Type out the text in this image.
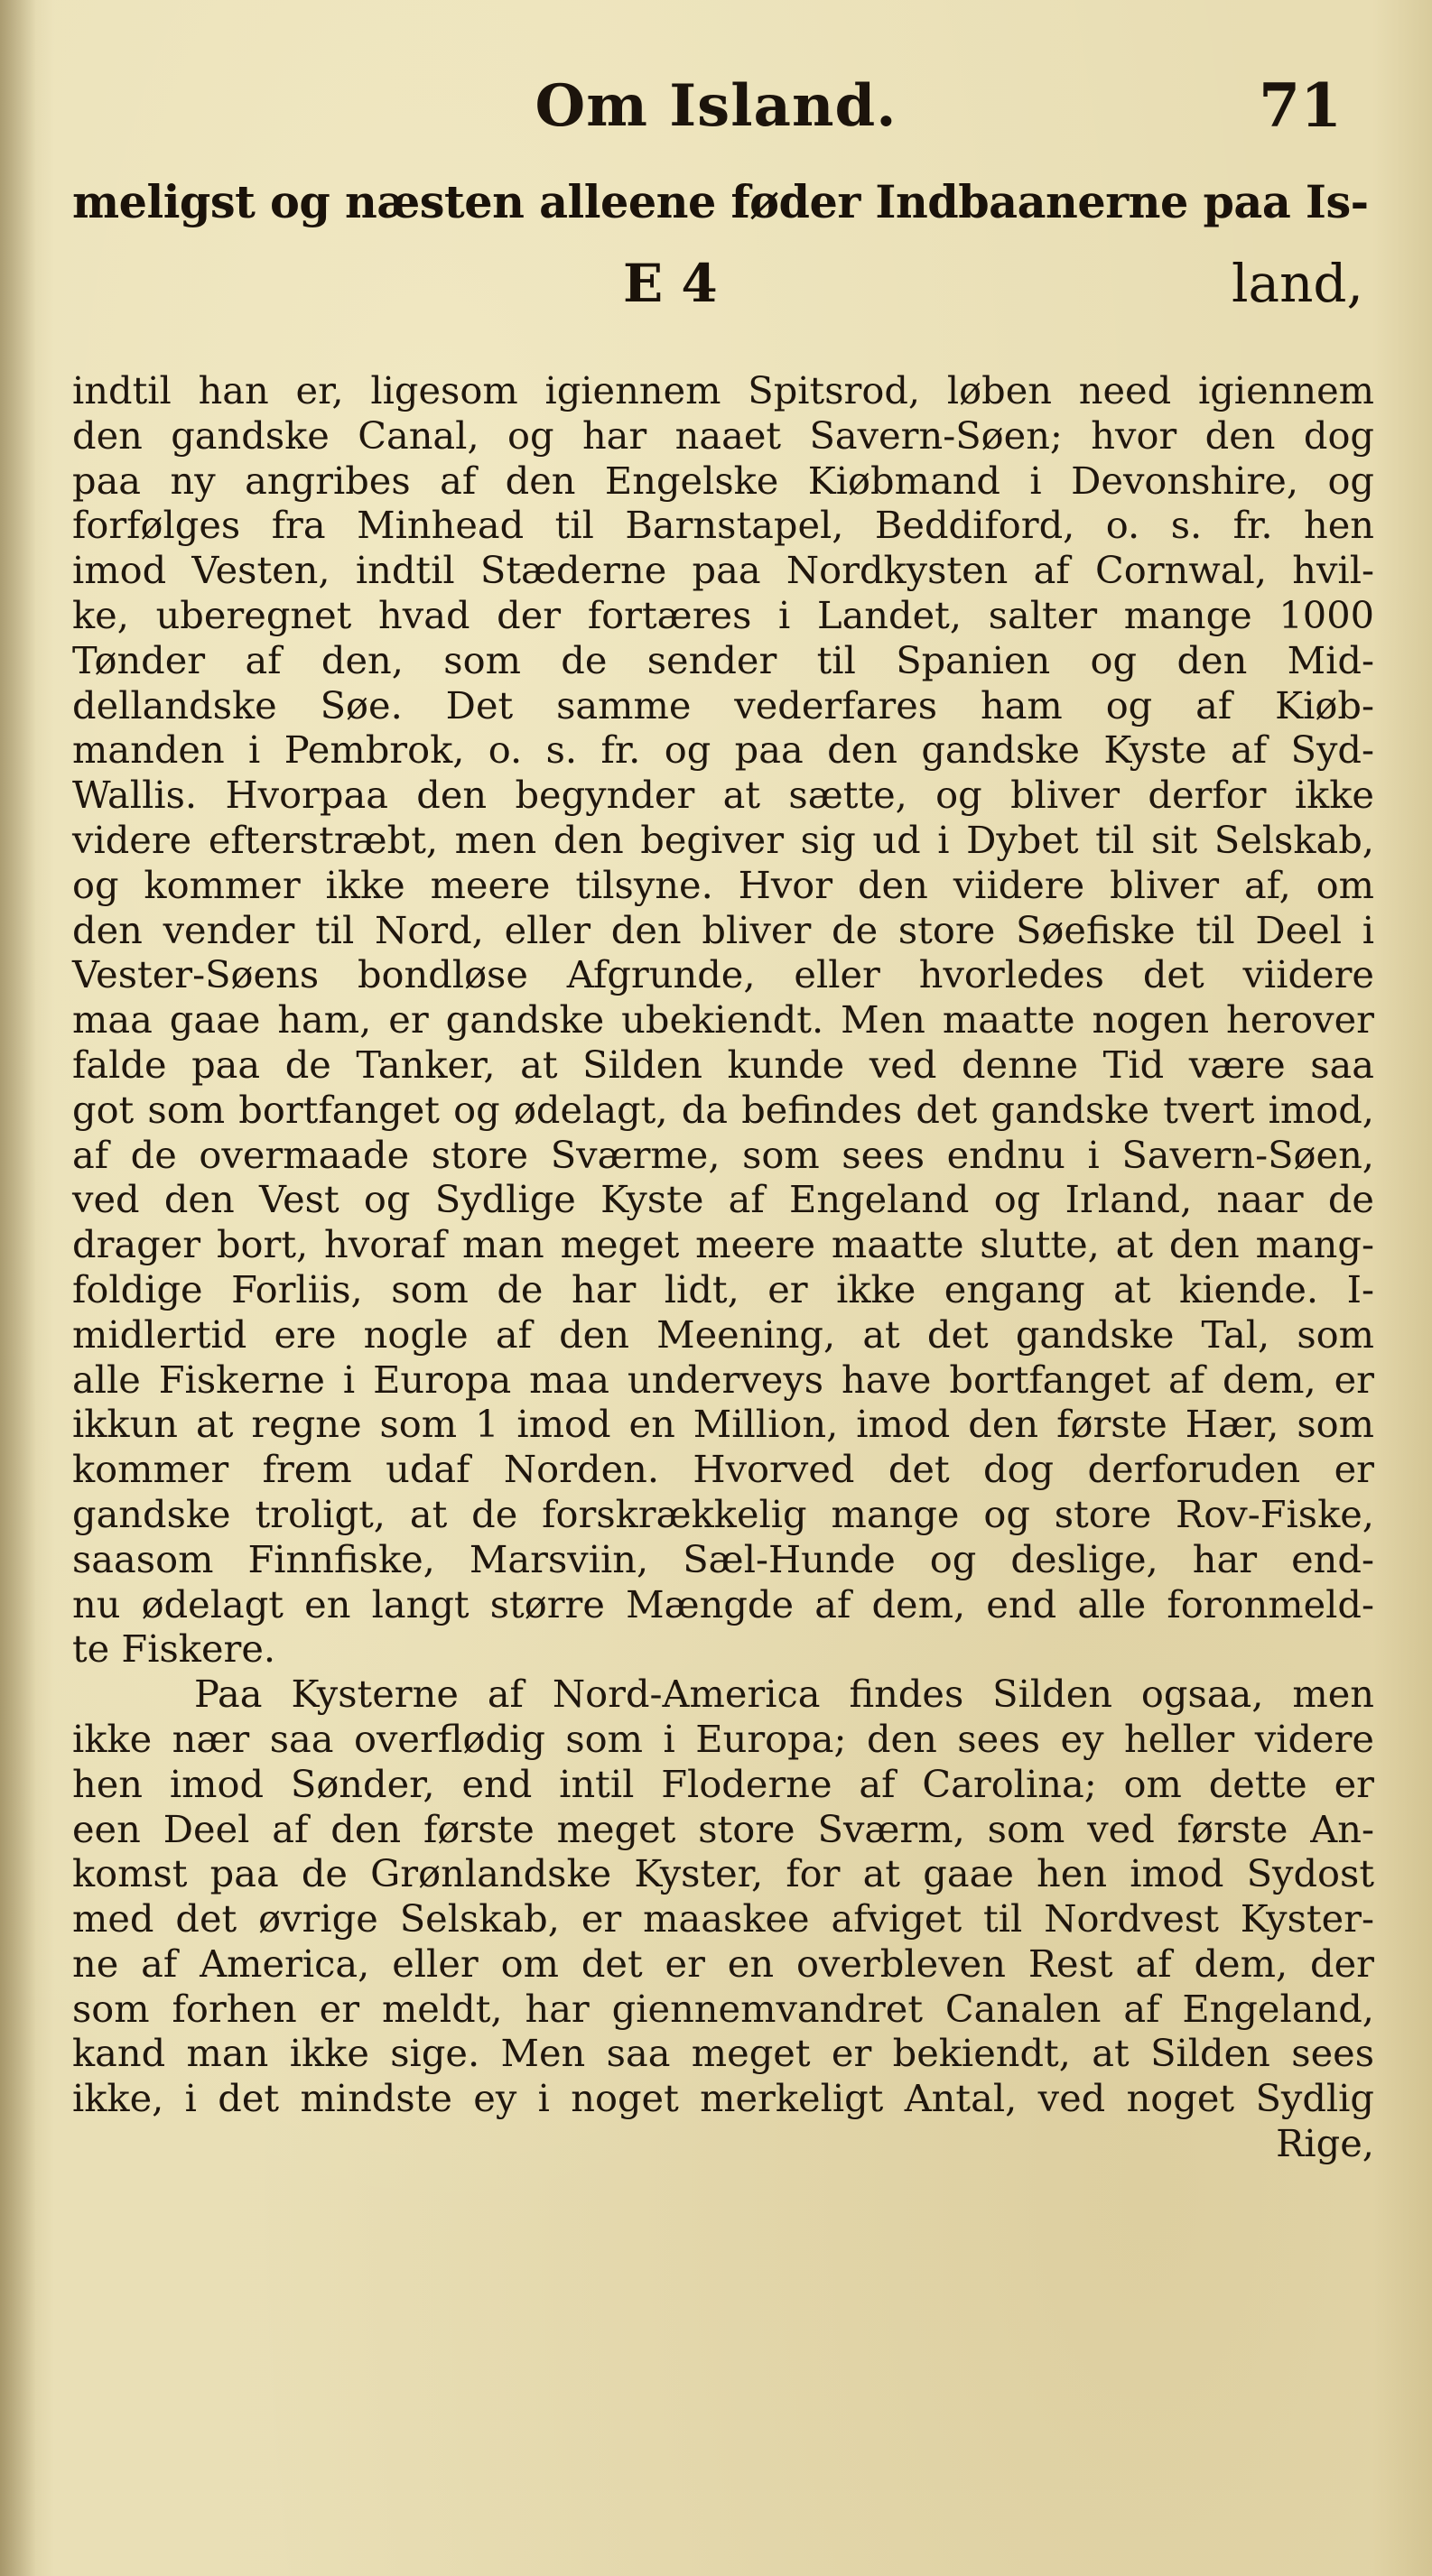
Om Island.	71
meligst og næsten alleene føder Indbaanerne paa Is-
E 4	land,
indtil han er, ligesom igiennem Spitsrod, løben need igiennem
den gandske Canal, og har naaet Savern-Søen; hvor den dog
paa ny angribes af den Engelske Kiøbmand i Devonshire, og
forfølges fra Minhead til Barnstapel, Beddiford, o. s. fr. hen
imod Vesten, indtil Stæderne paa Nordkysten af Cornwal, hvil-
ke, uberegnet hvad der fortæres i Landet, salter mange 1000
Tønder af den, som de sender til Spanien og den Mid-
dellandske Søe. Det samme vederfares ham og af Kiøb-
manden i Pembrok, o. s. fr. og paa den gandske Kyste af Syd-
Wallis. Hvorpaa den begynder at sætte, og bliver derfor ikke
videre efterstræbt, men den begiver sig ud i Dybet til sit Selskab,
og kommer ikke meere tilsyne. Hvor den viidere bliver af, om
den vender til Nord, eller den bliver de store Søefiske til Deel i
Vester-Søens bondløse Afgrunde, eller hvorledes det viidere
maa gaae ham, er gandske ubekiendt. Men maatte nogen herover
falde paa de Tanker, at Silden kunde ved denne Tid være saa
got som bortfanget og ødelagt, da befindes det gandske tvert imod,
af de overmaade store Sværme, som sees endnu i Savern-Søen,
ved den Vest og Sydlige Kyste af Engeland og Irland, naar de
drager bort, hvoraf man meget meere maatte slutte, at den mang-
foldige Forliis, som de har lidt, er ikke engang at kiende. I-
midlertid ere nogle af den Meening, at det gandske Tal, som
alle Fiskerne i Europa maa underveys have bortfanget af dem, er
ikkun at regne som 1 imod en Million, imod den første Hær, som
kommer frem udaf Norden. Hvorved det dog derforuden er
gandske troligt, at de forskrækkelig mange og store Rov-Fiske,
saasom Finnfiske, Marsviin, Sæl-Hunde og deslige, har end-
nu ødelagt en langt større Mængde af dem, end alle foronmeld-
te Fiskere.
Paa Kysterne af Nord-America findes Silden ogsaa, men
ikke nær saa overflødig som i Europa; den sees ey heller videre
hen imod Sønder, end intil Floderne af Carolina; om dette er
een Deel af den første meget store Sværm, som ved første An-
komst paa de Grønlandske Kyster, for at gaae hen imod Sydost
med det øvrige Selskab, er maaskee afviget til Nordvest Kyster-
ne af America, eller om det er en overbleven Rest af dem, der
som forhen er meldt, har giennemvandret Canalen af Engeland,
kand man ikke sige. Men saa meget er bekiendt, at Silden sees
ikke, i det mindste ey i noget merkeligt Antal, ved noget Sydlig
Rige,
